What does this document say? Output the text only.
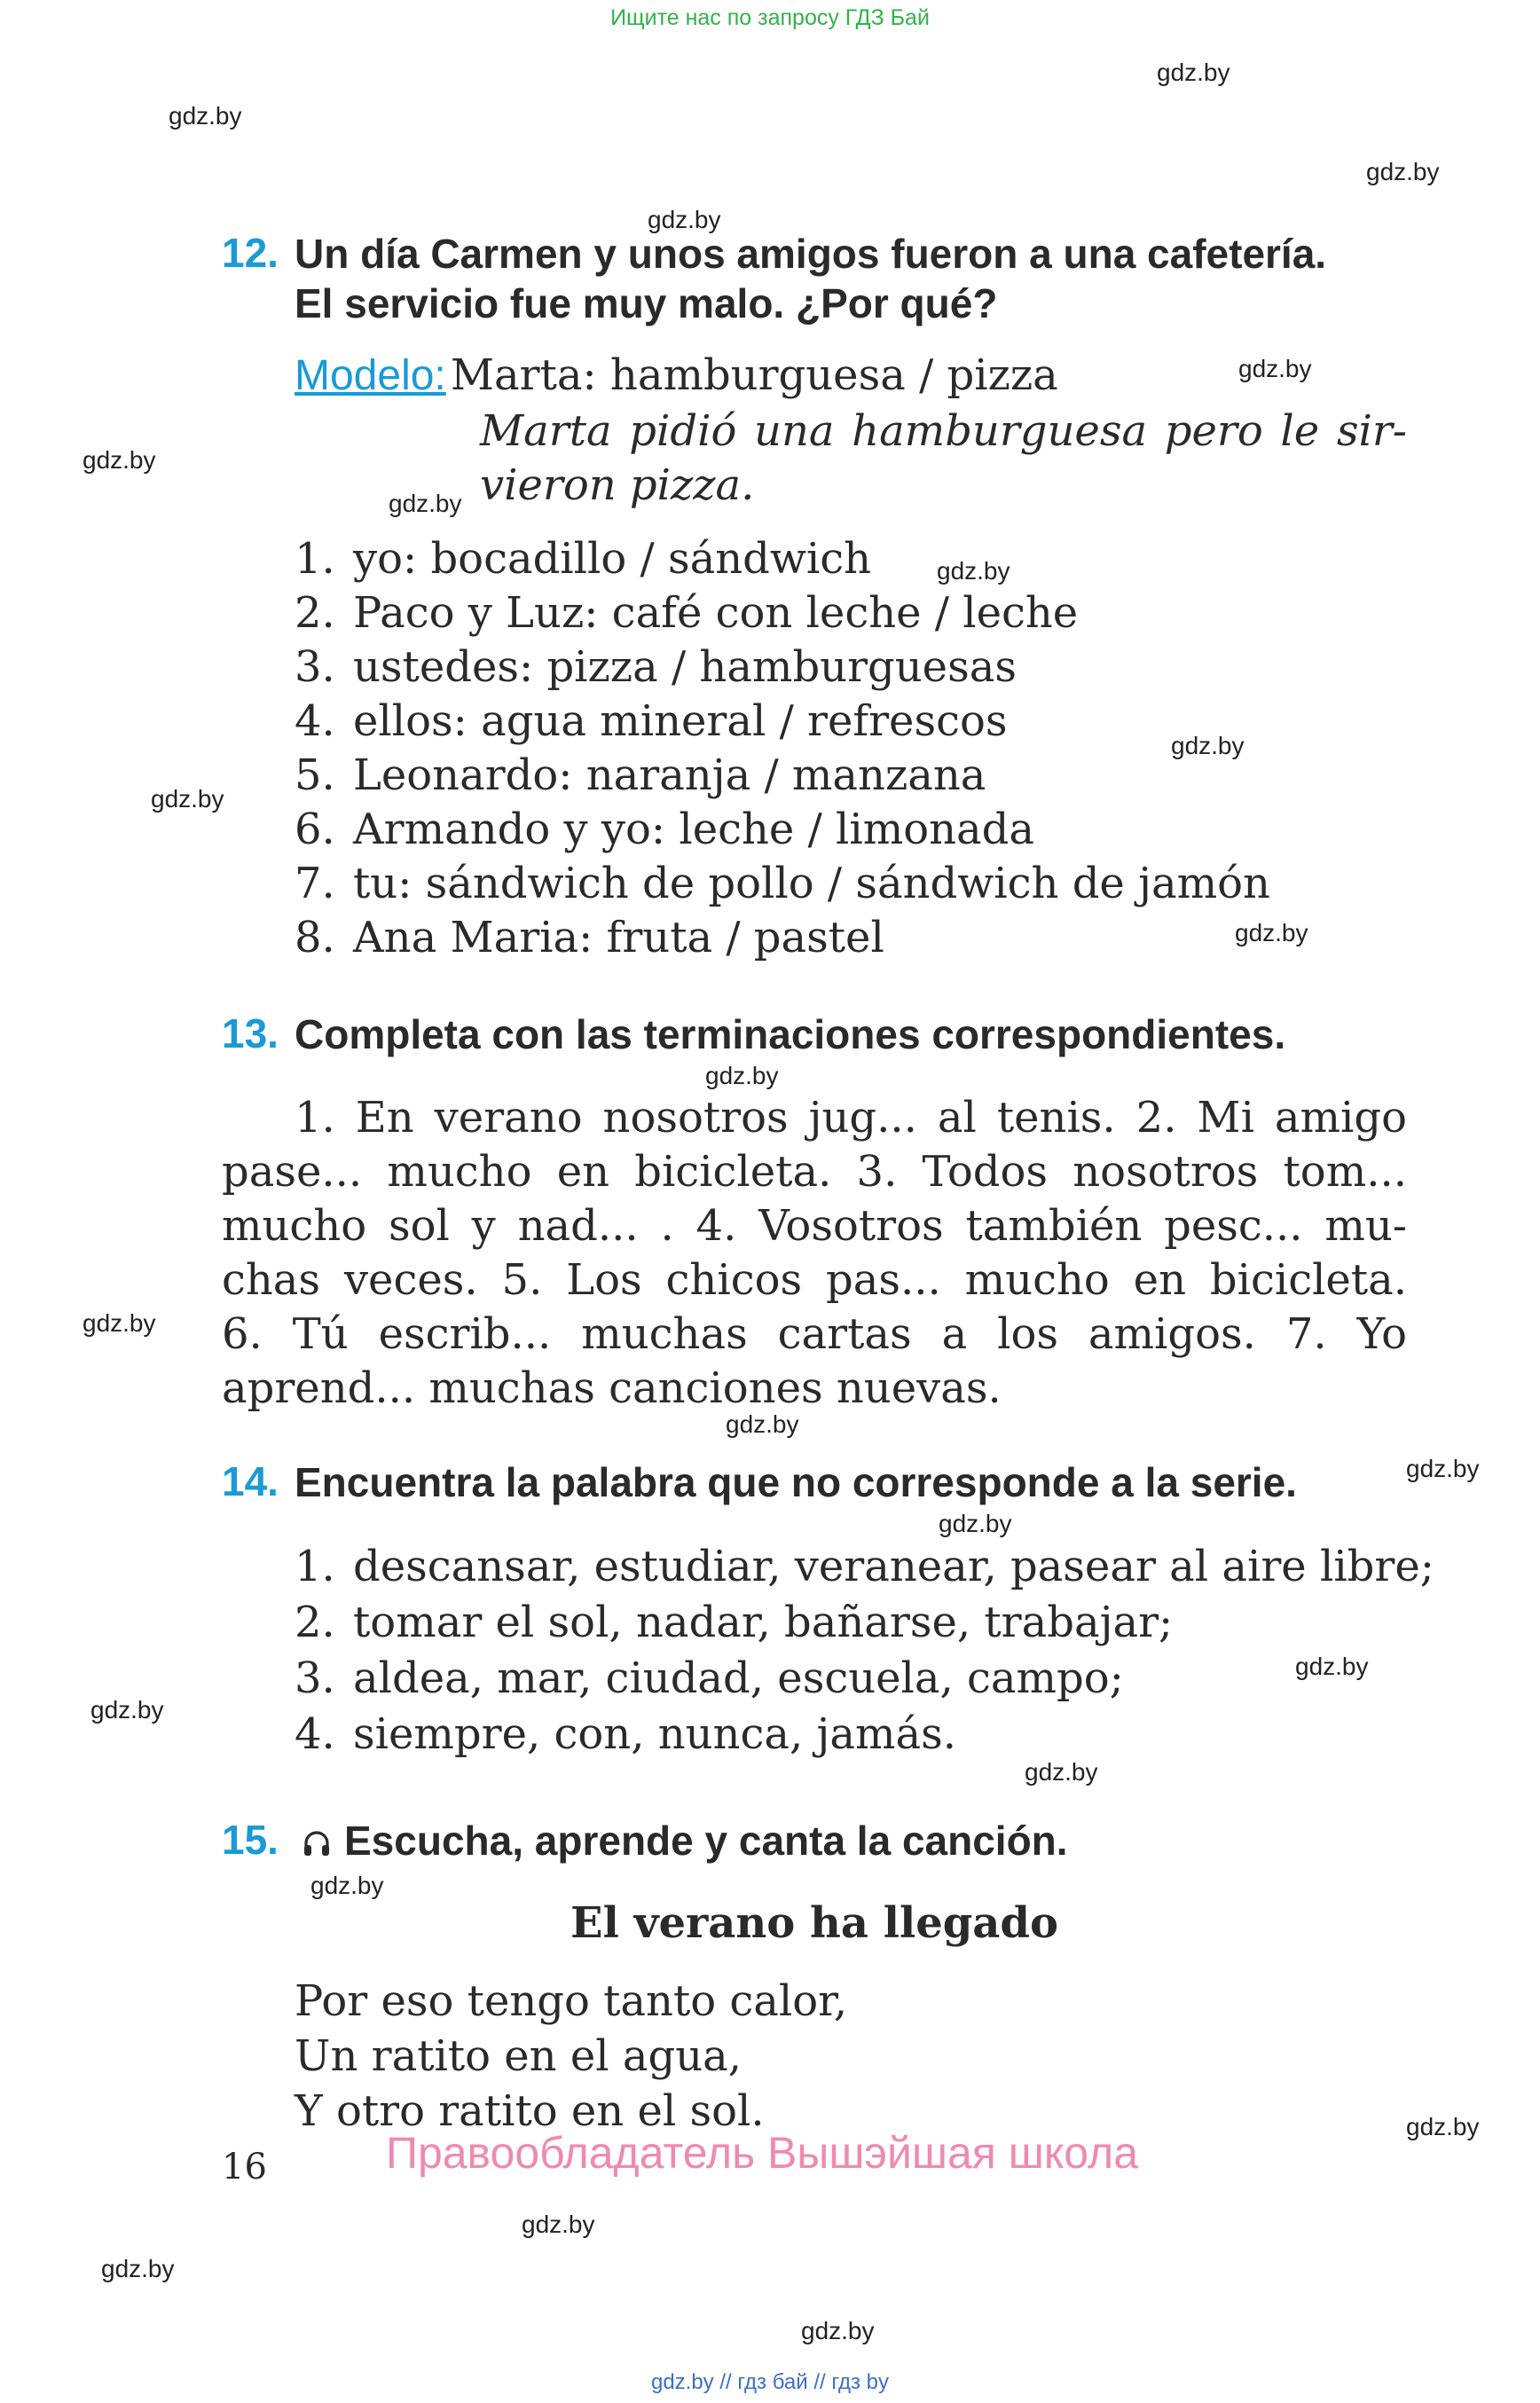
Ищите нас по запросу ГДЗ Бай
gdz.by
gdz.by
gdz.by
gdz.by
gdz.by
gdz.by
gdz.by
gdz.by
gdz.by
gdz.by
gdz.by
gdz.by
gdz.by
gdz.by
gdz.by
gdz.by
gdz.by
gdz.by
gdz.by
gdz.by
gdz.by
gdz.by
gdz.by
gdz.by
12. Un día Carmen y unos amigos fueron a una cafetería.
El servicio fue muy malo. ¿Por qué?
Modelo: Marta: hamburguesa / pizza
Marta pidió una hamburguesa pero le sir-
vieron pizza.
1. yo: bocadillo / sándwich
2. Paco y Luz: café con leche / leche
3. ustedes: pizza / hamburguesas
4. ellos: agua mineral / refrescos
5. Leonardo: naranja / manzana
6. Armando y yo: leche / limonada
7. tu: sándwich de pollo / sándwich de jamón
8. Ana Maria: fruta / pastel
13. Completa con las terminaciones correspondientes.
1. En verano nosotros jug... al tenis. 2. Mi amigo
pase... mucho en bicicleta. 3. Todos nosotros tom...
mucho sol y nad... . 4. Vosotros también pesc... mu-
chas veces. 5. Los chicos pas... mucho en bicicleta.
6. Tú escrib... muchas cartas a los amigos. 7. Yo
aprend... muchas canciones nuevas.
14. Encuentra la palabra que no corresponde a la serie.
1. descansar, estudiar, veranear, pasear al aire libre;
2. tomar el sol, nadar, bañarse, trabajar;
3. aldea, mar, ciudad, escuela, campo;
4. siempre, con, nunca, jamás.
15.	Escucha, aprende y canta la canción.
El verano ha llegado
Por eso tengo tanto calor,
Un ratito en el agua,
Y otro ratito en el sol.
16	Правообладатель Вышэйшая школа
gdz.by // гдз бай // гдз by
